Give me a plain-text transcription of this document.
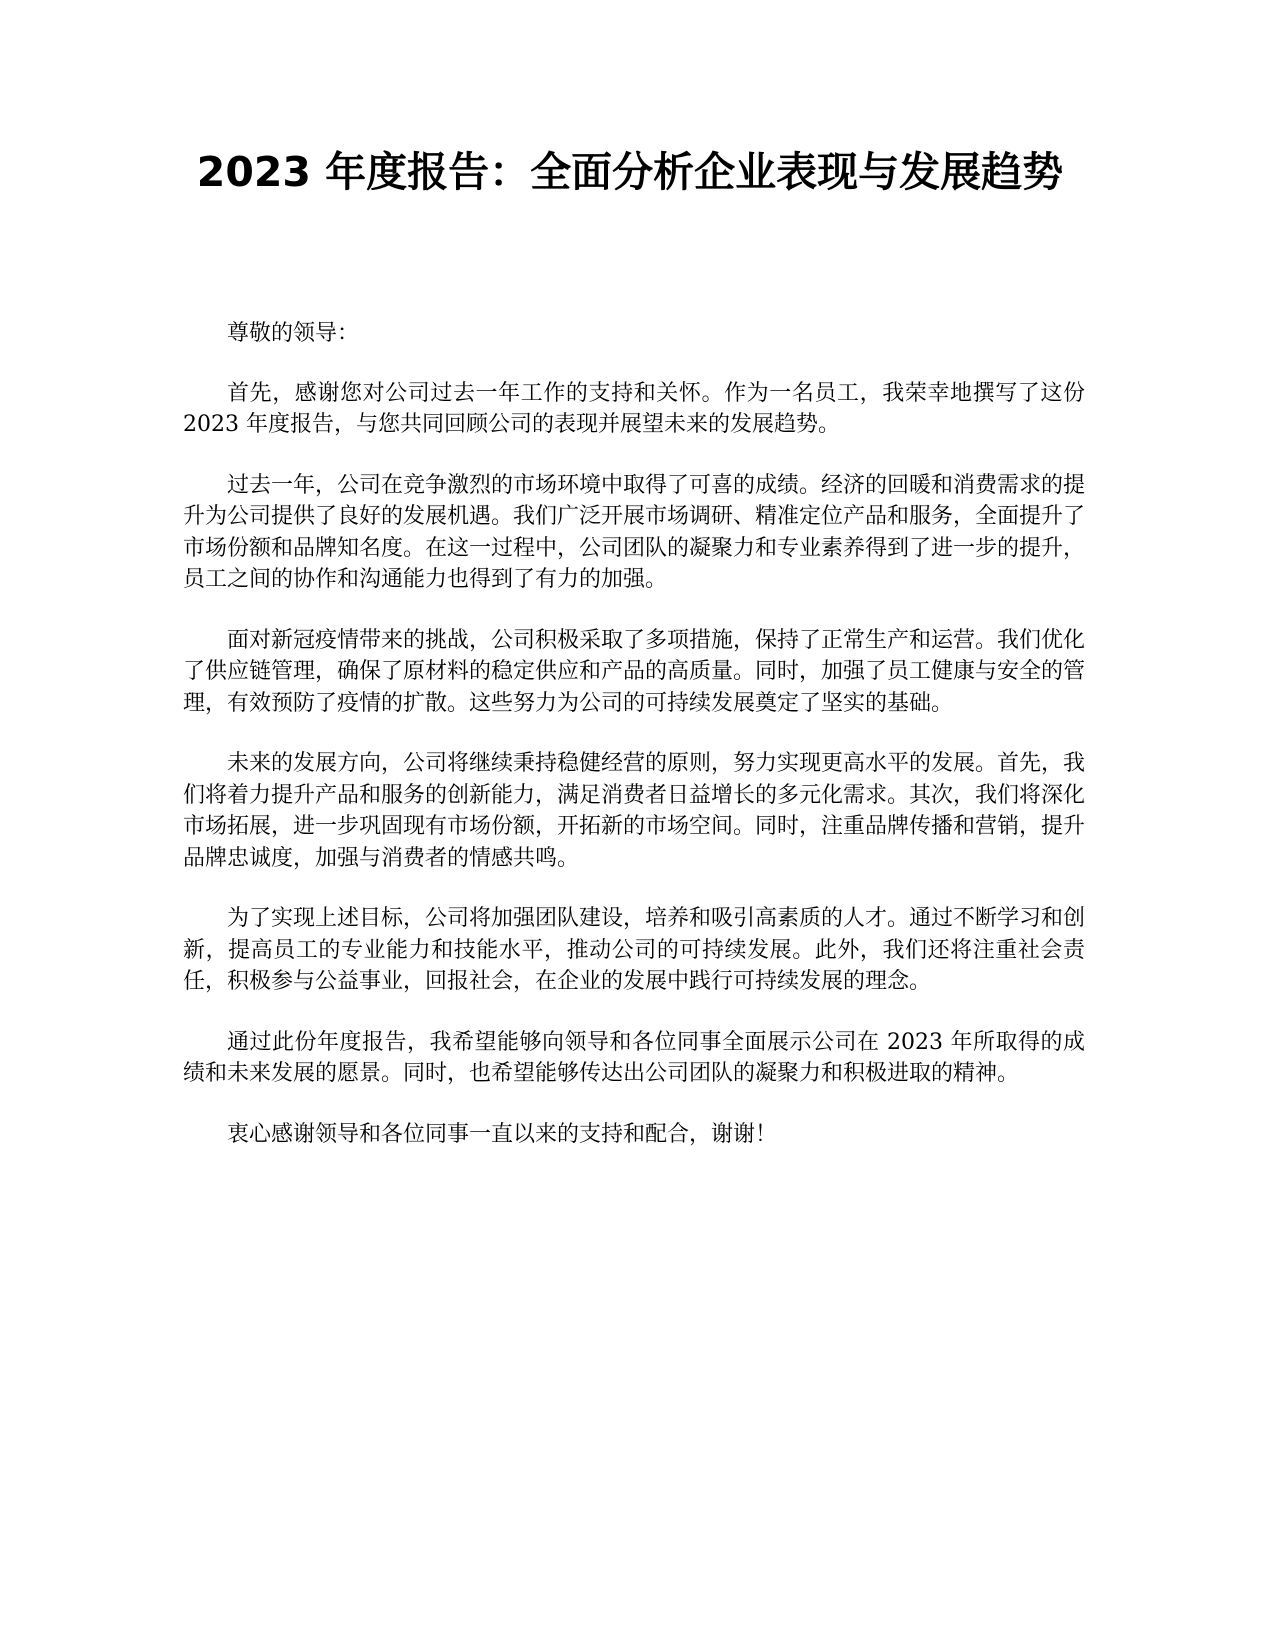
2023 年度报告：全面分析企业表现与发展趋势

尊敬的领导：

首先，感谢您对公司过去一年工作的支持和关怀。作为一名员工，我荣幸地撰写了这份 2023 年度报告，与您共同回顾公司的表现并展望未来的发展趋势。

过去一年，公司在竞争激烈的市场环境中取得了可喜的成绩。经济的回暖和消费需求的提升为公司提供了良好的发展机遇。我们广泛开展市场调研、精准定位产品和服务，全面提升了市场份额和品牌知名度。在这一过程中，公司团队的凝聚力和专业素养得到了进一步的提升，员工之间的协作和沟通能力也得到了有力的加强。

面对新冠疫情带来的挑战，公司积极采取了多项措施，保持了正常生产和运营。我们优化了供应链管理，确保了原材料的稳定供应和产品的高质量。同时，加强了员工健康与安全的管理，有效预防了疫情的扩散。这些努力为公司的可持续发展奠定了坚实的基础。

未来的发展方向，公司将继续秉持稳健经营的原则，努力实现更高水平的发展。首先，我们将着力提升产品和服务的创新能力，满足消费者日益增长的多元化需求。其次，我们将深化市场拓展，进一步巩固现有市场份额，开拓新的市场空间。同时，注重品牌传播和营销，提升品牌忠诚度，加强与消费者的情感共鸣。

为了实现上述目标，公司将加强团队建设，培养和吸引高素质的人才。通过不断学习和创新，提高员工的专业能力和技能水平，推动公司的可持续发展。此外，我们还将注重社会责任，积极参与公益事业，回报社会，在企业的发展中践行可持续发展的理念。

通过此份年度报告，我希望能够向领导和各位同事全面展示公司在 2023 年所取得的成绩和未来发展的愿景。同时，也希望能够传达出公司团队的凝聚力和积极进取的精神。

衷心感谢领导和各位同事一直以来的支持和配合，谢谢！
